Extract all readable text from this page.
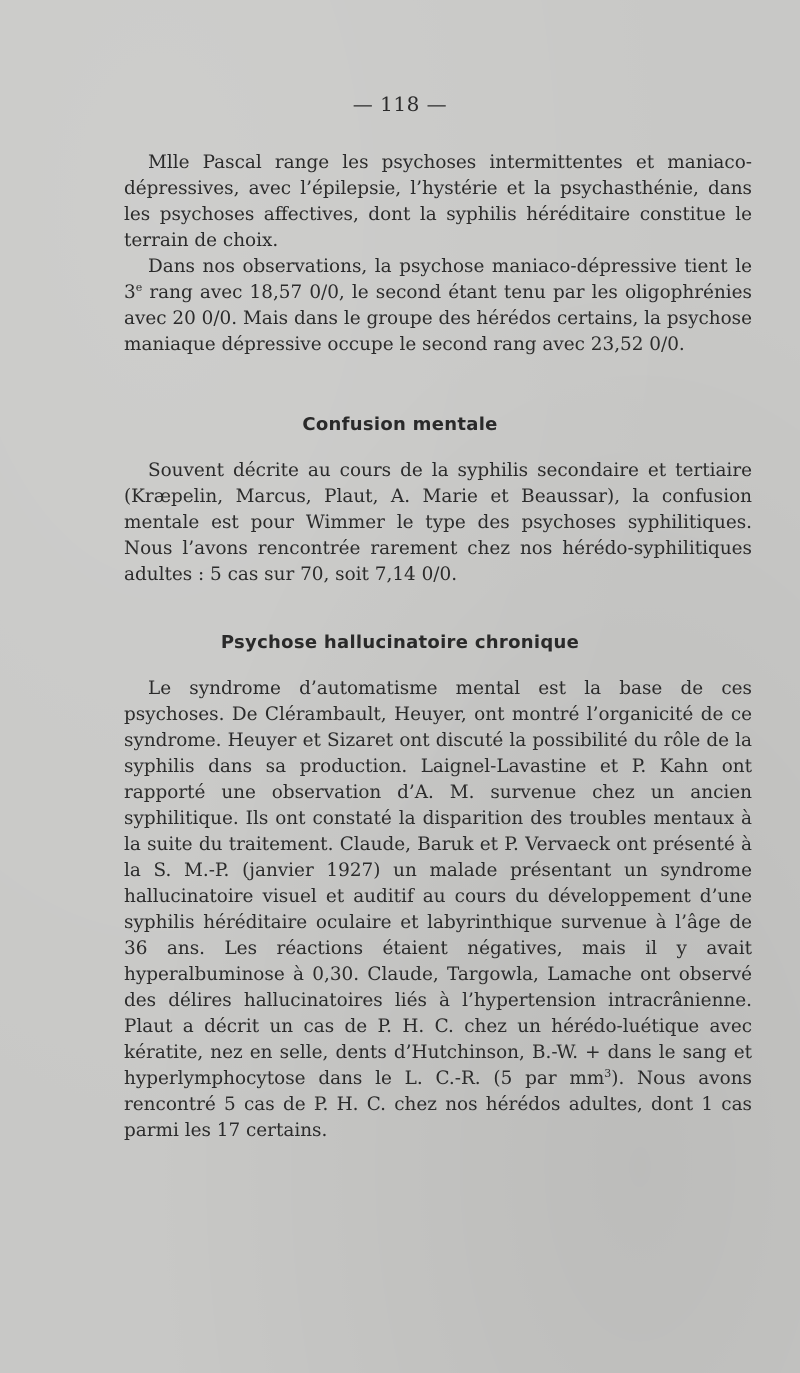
— 118 —

Mlle Pascal range les psychoses intermittentes et maniaco-dépressives, avec l’épilepsie, l’hystérie et la psychasthénie, dans les psychoses affectives, dont la syphilis héréditaire constitue le terrain de choix.

Dans nos observations, la psychose maniaco-dépressive tient le 3e rang avec 18,57 0/0, le second étant tenu par les oligophrénies avec 20 0/0. Mais dans le groupe des hérédos certains, la psychose maniaque dépressive occupe le second rang avec 23,52 0/0.

Confusion mentale

Souvent décrite au cours de la syphilis secondaire et tertiaire (Kræpelin, Marcus, Plaut, A. Marie et Beaussar), la confusion mentale est pour Wimmer le type des psychoses syphilitiques. Nous l’avons rencontrée rarement chez nos hérédo-syphilitiques adultes : 5 cas sur 70, soit 7,14 0/0.

Psychose hallucinatoire chronique

Le syndrome d’automatisme mental est la base de ces psychoses. De Clérambault, Heuyer, ont montré l’organicité de ce syndrome. Heuyer et Sizaret ont discuté la possibilité du rôle de la syphilis dans sa production. Laignel-Lavastine et P. Kahn ont rapporté une observation d’A. M. survenue chez un ancien syphilitique. Ils ont constaté la disparition des troubles mentaux à la suite du traitement. Claude, Baruk et P. Vervaeck ont présenté à la S. M.-P. (janvier 1927) un malade présentant un syndrome hallucinatoire visuel et auditif au cours du développement d’une syphilis héréditaire oculaire et labyrinthique survenue à l’âge de 36 ans. Les réactions étaient négatives, mais il y avait hyperalbuminose à 0,30. Claude, Targowla, Lamache ont observé des délires hallucinatoires liés à l’hypertension intracrânienne. Plaut a décrit un cas de P. H. C. chez un hérédo-luétique avec kératite, nez en selle, dents d’Hutchinson, B.-W. + dans le sang et hyperlymphocytose dans le L. C.-R. (5 par $mm^3$). Nous avons rencontré 5 cas de P. H. C. chez nos hérédos adultes, dont 1 cas parmi les 17 certains.
